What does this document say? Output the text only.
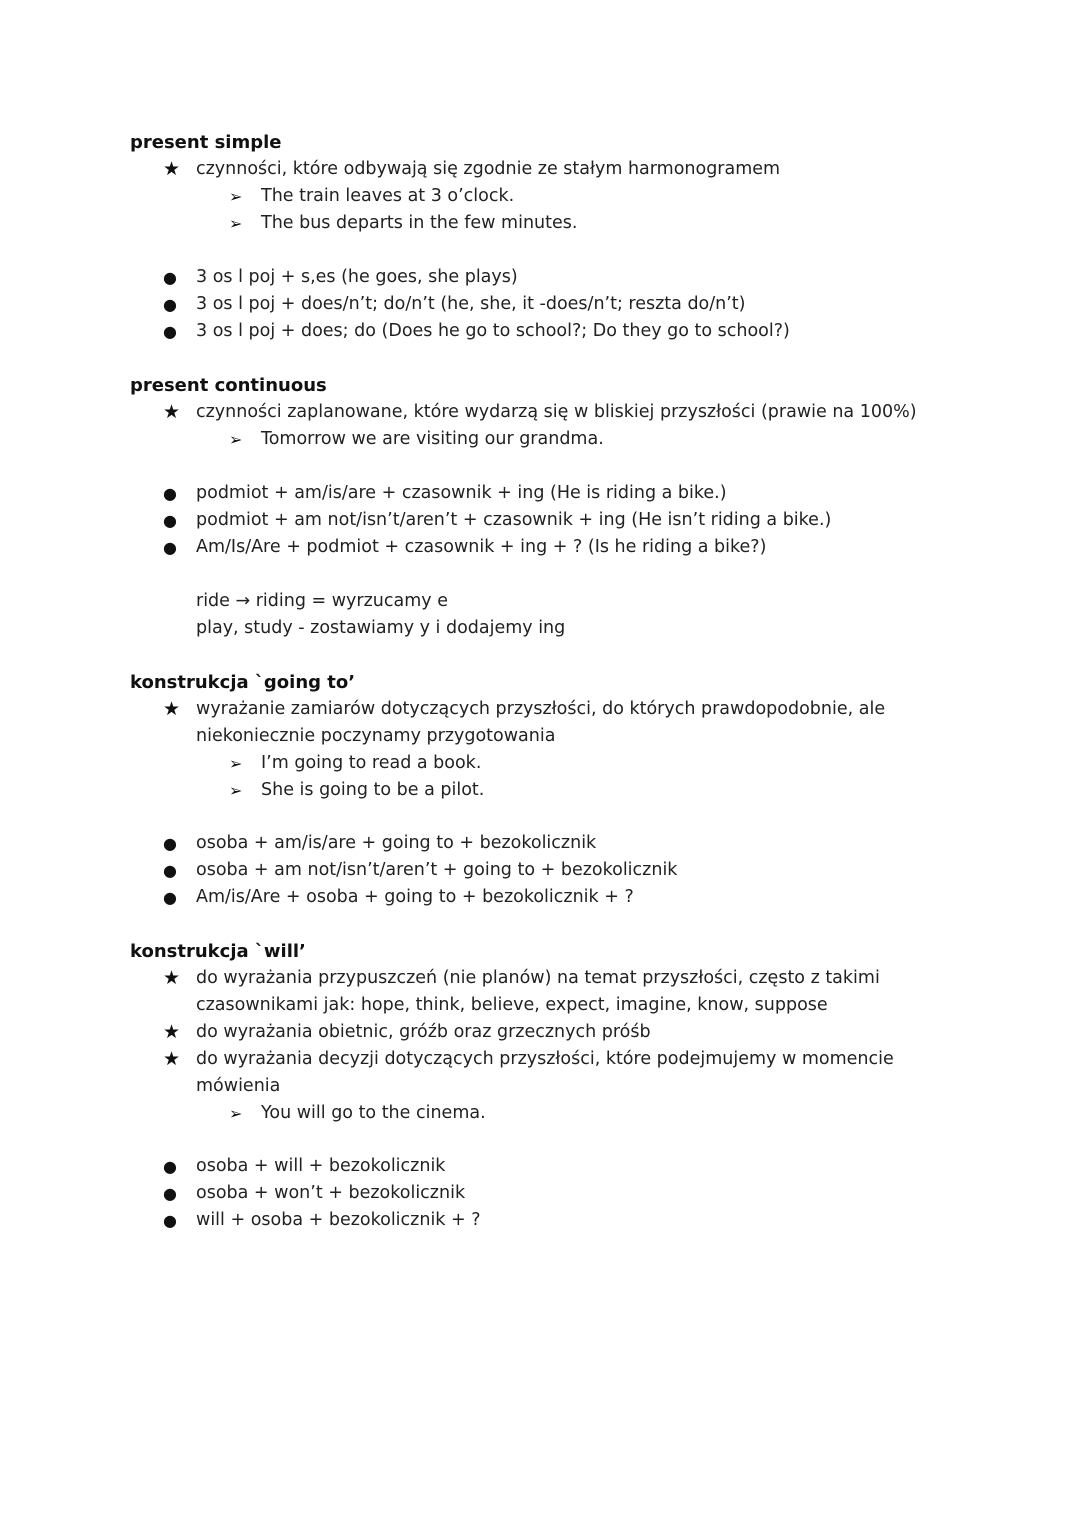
present simple
★ czynności, które odbywają się zgodnie ze stałym harmonogramem
➢ The train leaves at 3 o’clock.
➢ The bus departs in the few minutes.
● 3 os l poj + s,es (he goes, she plays)
● 3 os l poj + does/n’t; do/n’t (he, she, it -does/n’t; reszta do/n’t)
● 3 os l poj + does; do (Does he go to school?; Do they go to school?)
present continuous
★ czynności zaplanowane, które wydarzą się w bliskiej przyszłości (prawie na 100%)
➢ Tomorrow we are visiting our grandma.
● podmiot + am/is/are + czasownik + ing (He is riding a bike.)
● podmiot + am not/isn’t/aren’t + czasownik + ing (He isn’t riding a bike.)
● Am/Is/Are + podmiot + czasownik + ing + ? (Is he riding a bike?)
ride → riding = wyrzucamy e
play, study - zostawiamy y i dodajemy ing
konstrukcja `going to’
★ wyrażanie zamiarów dotyczących przyszłości, do których prawdopodobnie, ale
niekoniecznie poczynamy przygotowania
➢ I’m going to read a book.
➢ She is going to be a pilot.
● osoba + am/is/are + going to + bezokolicznik
● osoba + am not/isn’t/aren’t + going to + bezokolicznik
● Am/is/Are + osoba + going to + bezokolicznik + ?
konstrukcja `will’
★ do wyrażania przypuszczeń (nie planów) na temat przyszłości, często z takimi
czasownikami jak: hope, think, believe, expect, imagine, know, suppose
★ do wyrażania obietnic, gróźb oraz grzecznych próśb
★ do wyrażania decyzji dotyczących przyszłości, które podejmujemy w momencie
mówienia
➢ You will go to the cinema.
● osoba + will + bezokolicznik
● osoba + won’t + bezokolicznik
● will + osoba + bezokolicznik + ?
